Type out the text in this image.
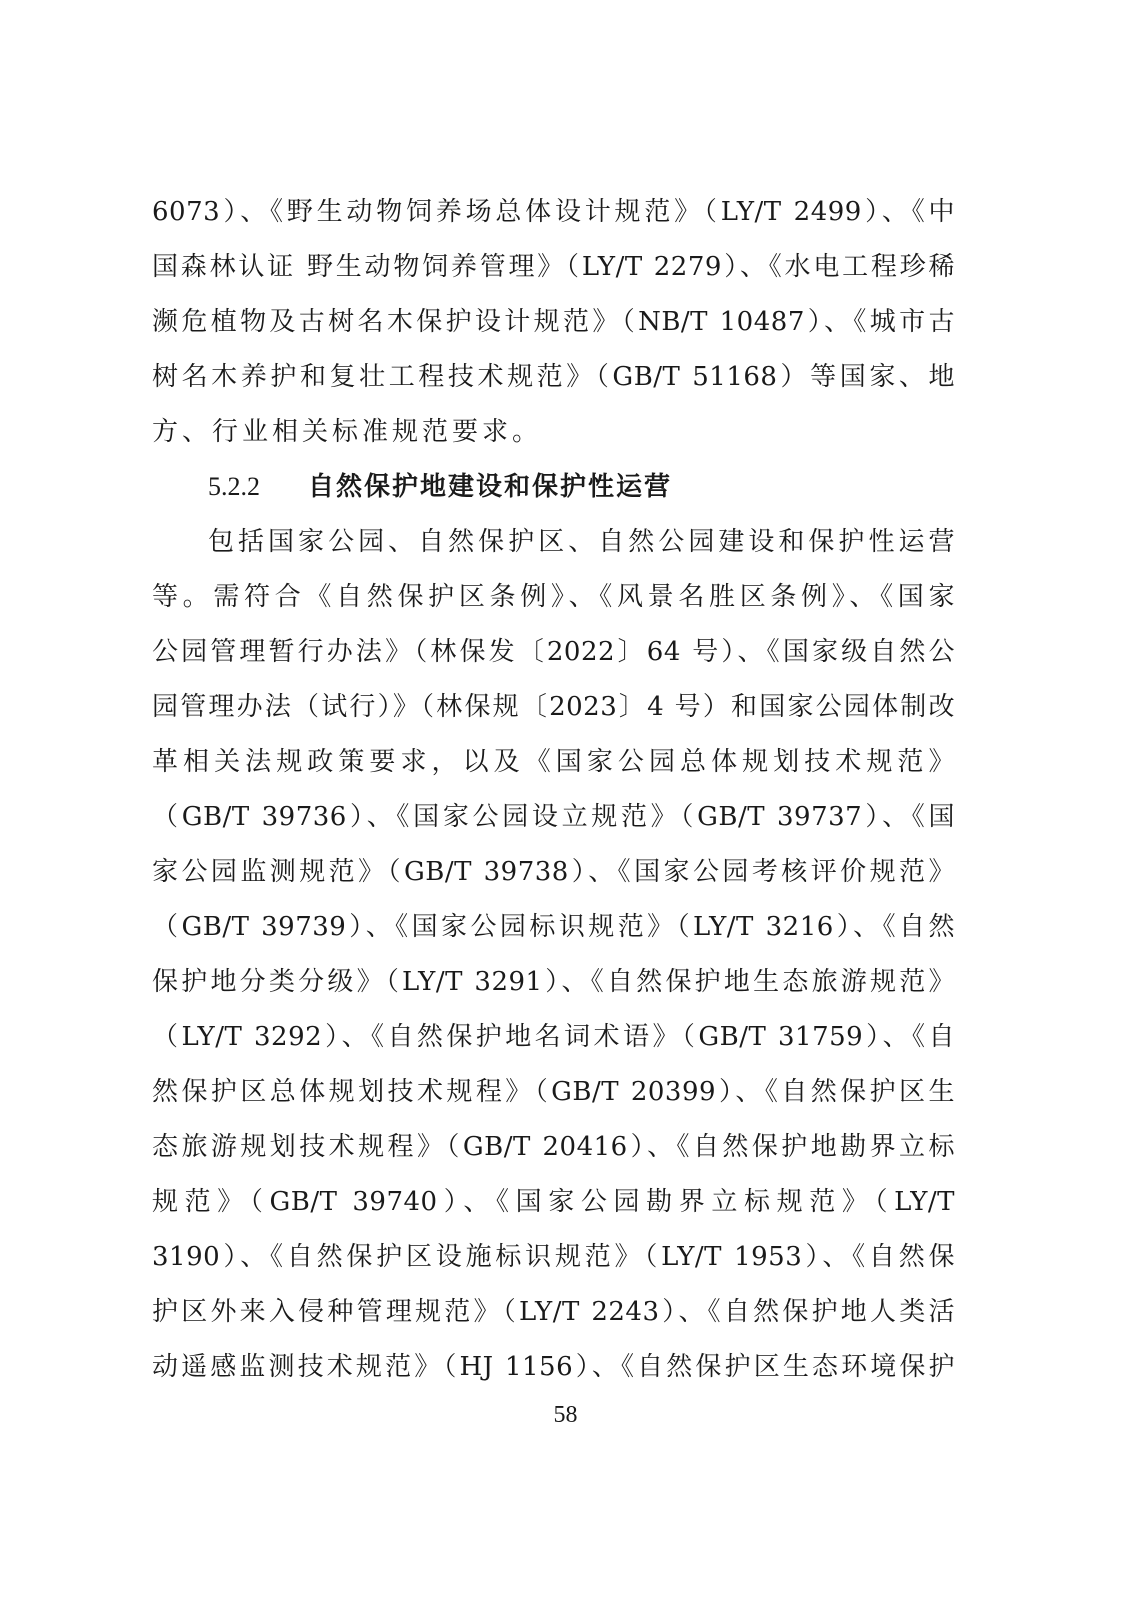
6073）、《野生动物饲养场总体设计规范》（LY/T 2499）、《中
国森林认证 野生动物饲养管理》（LY/T 2279）、《水电工程珍稀
濒危植物及古树名木保护设计规范》（NB/T 10487）、《城市古
树名木养护和复壮工程技术规范》（GB/T 51168）等国家、地
方、行业相关标准规范要求。
5.2.2 自然保护地建设和保护性运营
包括国家公园、自然保护区、自然公园建设和保护性运营
等。需符合《自然保护区条例》、《风景名胜区条例》、《国家
公园管理暂行办法》（林保发〔2022〕64 号）、《国家级自然公
园管理办法（试行）》（林保规〔2023〕4 号）和国家公园体制改
革相关法规政策要求，以及《国家公园总体规划技术规范》
（GB/T 39736）、《国家公园设立规范》（GB/T 39737）、《国
家公园监测规范》（GB/T 39738）、《国家公园考核评价规范》
（GB/T 39739）、《国家公园标识规范》（LY/T 3216）、《自然
保护地分类分级》（LY/T 3291）、《自然保护地生态旅游规范》
（LY/T 3292）、《自然保护地名词术语》（GB/T 31759）、《自
然保护区总体规划技术规程》（GB/T 20399）、《自然保护区生
态旅游规划技术规程》（GB/T 20416）、《自然保护地勘界立标
规范》（GB/T 39740）、《国家公园勘界立标规范》（LY/T
3190）、《自然保护区设施标识规范》（LY/T 1953）、《自然保
护区外来入侵种管理规范》（LY/T 2243）、《自然保护地人类活
动遥感监测技术规范》（HJ 1156）、《自然保护区生态环境保护
58
